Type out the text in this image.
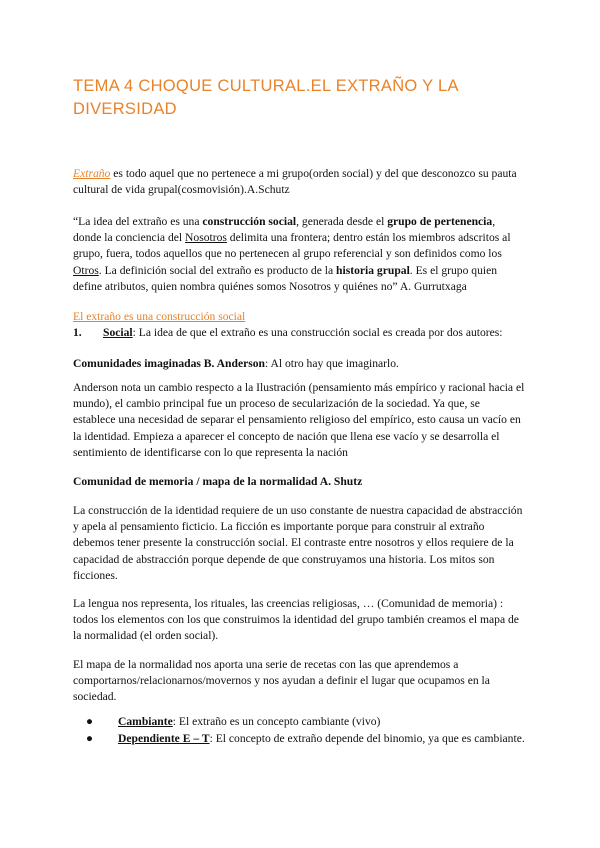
TEMA 4 CHOQUE CULTURAL.EL EXTRAÑO Y LA DIVERSIDAD

Extraño es todo aquel que no pertenece a mi grupo(orden social) y del que desconozco su pauta cultural de vida grupal(cosmovisión).A.Schutz

“La idea del extraño es una construcción social, generada desde el grupo de pertenencia, donde la conciencia del Nosotros delimita una frontera; dentro están los miembros adscritos al grupo, fuera, todos aquellos que no pertenecen al grupo referencial y son definidos como los Otros. La definición social del extraño es producto de la historia grupal. Es el grupo quien define atributos, quien nombra quiénes somos Nosotros y quiénes no” A. Gurrutxaga

El extraño es una construcción social

1. Social: La idea de que el extraño es una construcción social es creada por dos autores:

Comunidades imaginadas B. Anderson: Al otro hay que imaginarlo.

Anderson nota un cambio respecto a la Ilustración (pensamiento más empírico y racional hacia el mundo), el cambio principal fue un proceso de secularización de la sociedad. Ya que, se establece una necesidad de separar el pensamiento religioso del empírico, esto causa un vacío en la identidad. Empieza a aparecer el concepto de nación que llena ese vacío y se desarrolla el sentimiento de identificarse con lo que representa la nación

Comunidad de memoria / mapa de la normalidad A. Shutz

La construcción de la identidad requiere de un uso constante de nuestra capacidad de abstracción y apela al pensamiento ficticio. La ficción es importante porque para construir al extraño debemos tener presente la construcción social. El contraste entre nosotros y ellos requiere de la capacidad de abstracción porque depende de que construyamos una historia. Los mitos son ficciones.

La lengua nos representa, los rituales, las creencias religiosas, … (Comunidad de memoria) : todos los elementos con los que construimos la identidad del grupo también creamos el mapa de la normalidad (el orden social).

El mapa de la normalidad nos aporta una serie de recetas con las que aprendemos a comportarnos/relacionarnos/movernos y nos ayudan a definir el lugar que ocupamos en la sociedad.

●	Cambiante: El extraño es un concepto cambiante (vivo)

●	Dependiente E – T: El concepto de extraño depende del binomio, ya que es cambiante.
